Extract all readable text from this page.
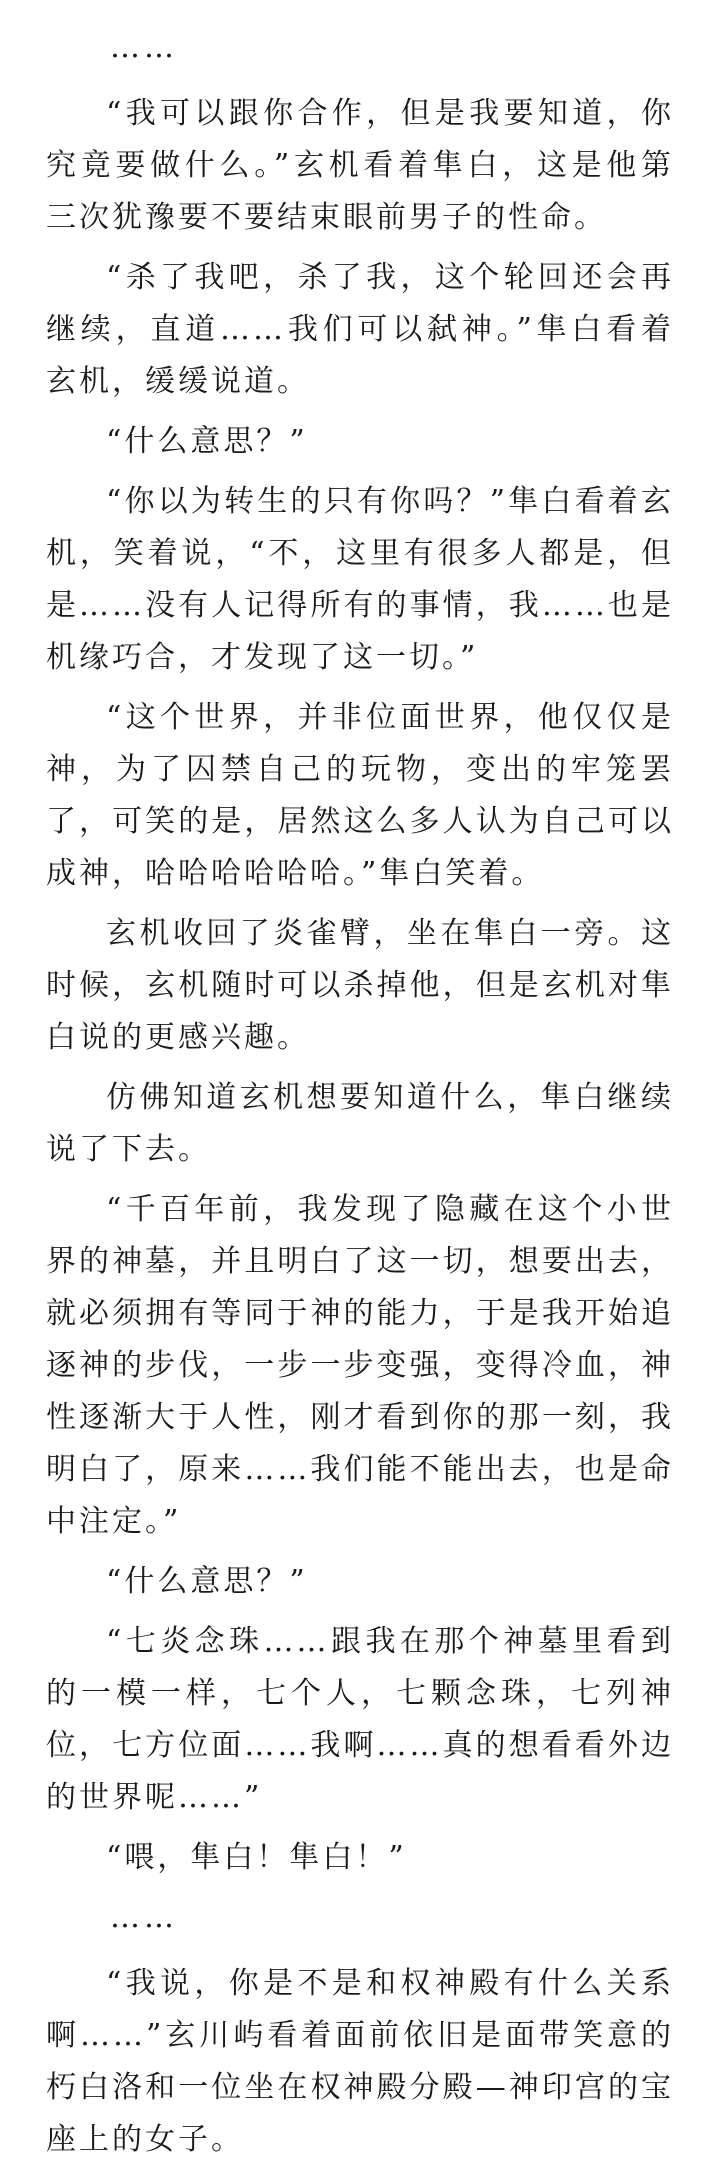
……

“我可以跟你合作，但是我要知道，你究竟要做什么。”玄机看着隼白，这是他第三次犹豫要不要结束眼前男子的性命。

“杀了我吧，杀了我，这个轮回还会再继续，直道……我们可以弑神。”隼白看着玄机，缓缓说道。

“什么意思？”

“你以为转生的只有你吗？”隼白看着玄机，笑着说，“不，这里有很多人都是，但是……没有人记得所有的事情，我……也是机缘巧合，才发现了这一切。”

“这个世界，并非位面世界，他仅仅是神，为了囚禁自己的玩物，变出的牢笼罢了，可笑的是，居然这么多人认为自己可以成神，哈哈哈哈哈哈。”隼白笑着。

玄机收回了炎雀臂，坐在隼白一旁。这时候，玄机随时可以杀掉他，但是玄机对隼白说的更感兴趣。

仿佛知道玄机想要知道什么，隼白继续说了下去。

“千百年前，我发现了隐藏在这个小世界的神墓，并且明白了这一切，想要出去，就必须拥有等同于神的能力，于是我开始追逐神的步伐，一步一步变强，变得冷血，神性逐渐大于人性，刚才看到你的那一刻，我明白了，原来……我们能不能出去，也是命中注定。”

“什么意思？”

“七炎念珠……跟我在那个神墓里看到的一模一样，七个人，七颗念珠，七列神位，七方位面……我啊……真的想看看外边的世界呢……”

“喂，隼白！隼白！”

……

“我说，你是不是和权神殿有什么关系啊……”玄川屿看着面前依旧是面带笑意的朽白洛和一位坐在权神殿分殿—神印宫的宝座上的女子。
